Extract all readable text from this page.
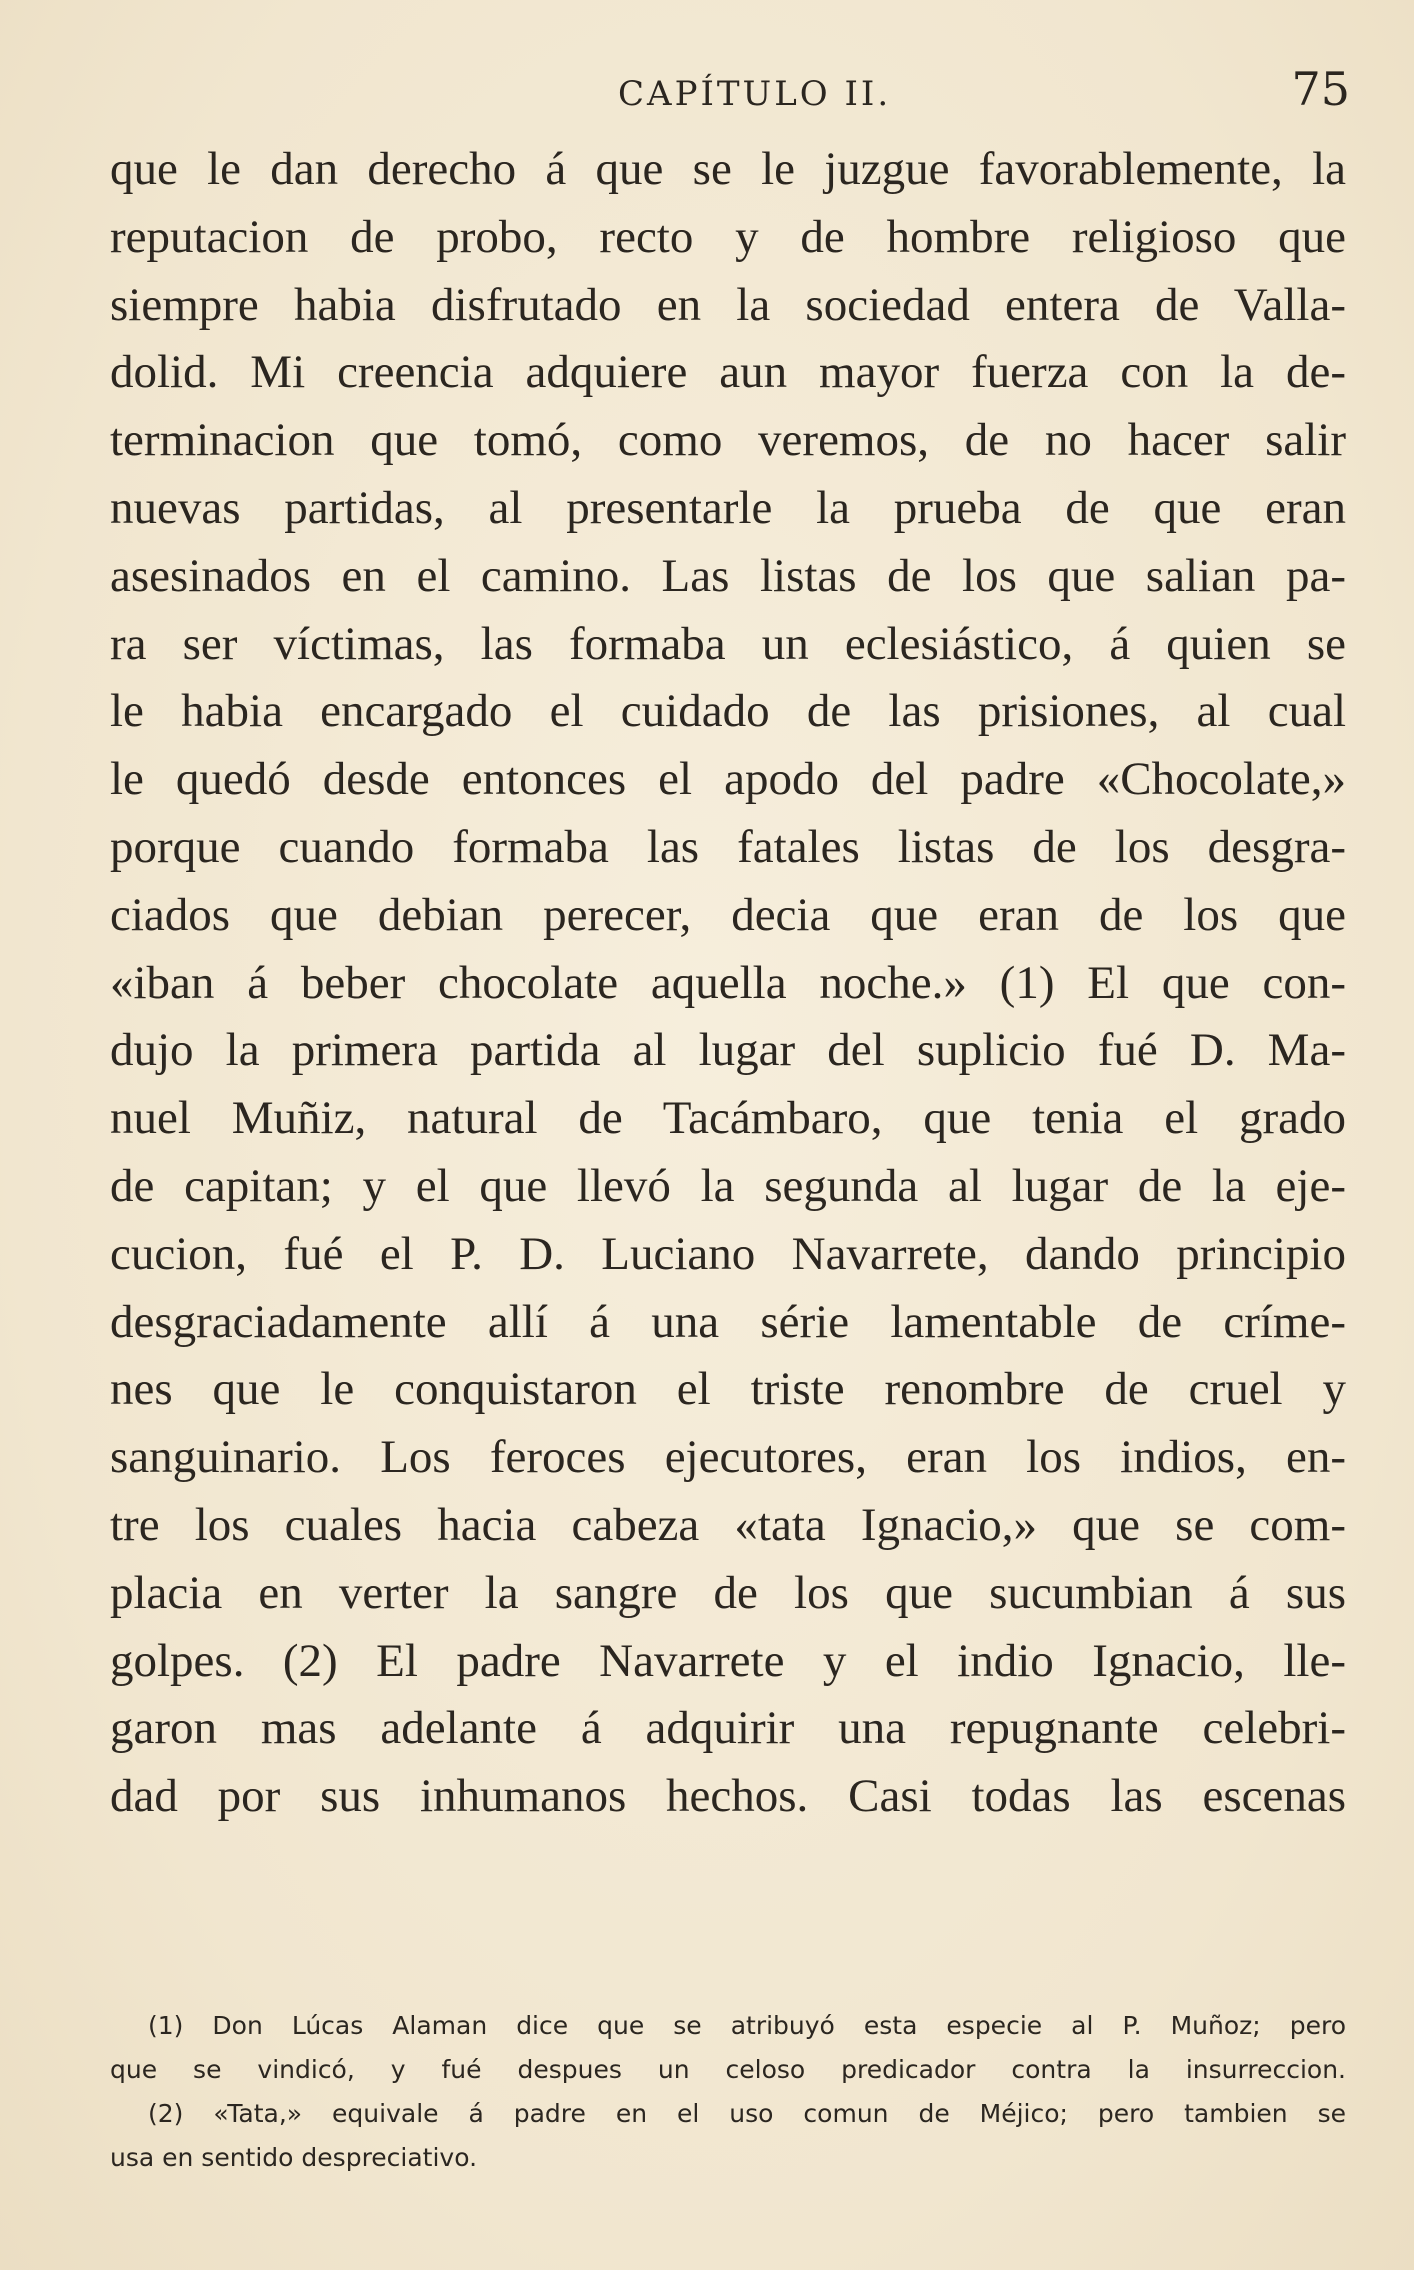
CAPÍTULO II.	75
que le dan derecho á que se le juzgue favorablemente, la
reputacion de probo, recto y de hombre religioso que
siempre habia disfrutado en la sociedad entera de Valla-
dolid. Mi creencia adquiere aun mayor fuerza con la de-
terminacion que tomó, como veremos, de no hacer salir
nuevas partidas, al presentarle la prueba de que eran
asesinados en el camino. Las listas de los que salian pa-
ra ser víctimas, las formaba un eclesiástico, á quien se
le habia encargado el cuidado de las prisiones, al cual
le quedó desde entonces el apodo del padre «Chocolate,»
porque cuando formaba las fatales listas de los desgra-
ciados que debian perecer, decia que eran de los que
«iban á beber chocolate aquella noche.» (1) El que con-
dujo la primera partida al lugar del suplicio fué D. Ma-
nuel Muñiz, natural de Tacámbaro, que tenia el grado
de capitan; y el que llevó la segunda al lugar de la eje-
cucion, fué el P. D. Luciano Navarrete, dando principio
desgraciadamente allí á una série lamentable de críme-
nes que le conquistaron el triste renombre de cruel y
sanguinario. Los feroces ejecutores, eran los indios, en-
tre los cuales hacia cabeza «tata Ignacio,» que se com-
placia en verter la sangre de los que sucumbian á sus
golpes. (2) El padre Navarrete y el indio Ignacio, lle-
garon mas adelante á adquirir una repugnante celebri-
dad por sus inhumanos hechos. Casi todas las escenas
(1) Don Lúcas Alaman dice que se atribuyó esta especie al P. Muñoz; pero
que se vindicó, y fué despues un celoso predicador contra la insurreccion.
(2) «Tata,» equivale á padre en el uso comun de Méjico; pero tambien se
usa en sentido despreciativo.
